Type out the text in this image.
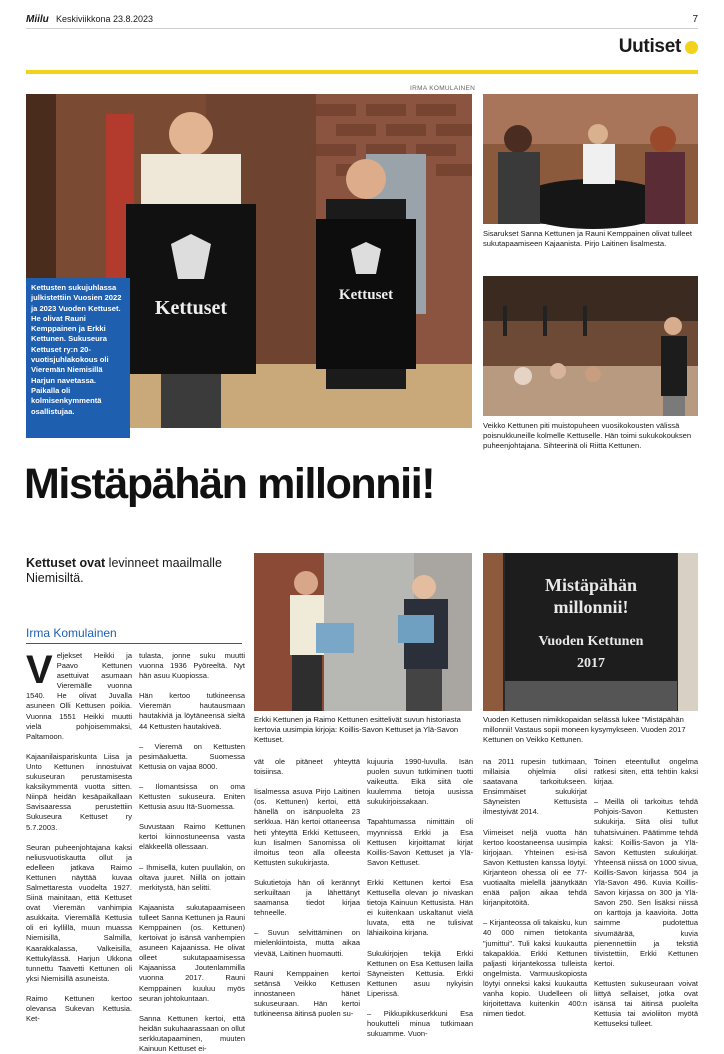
Miilu Keskiviikkona 23.8.2023	7
Uutiset
IRMA KOMULAINEN
Kettuset
Kettuset
Kettusten sukujuhlassa julkistettiin Vuosien 2022 ja 2023 Vuoden Kettuset. He olivat Rauni Kemppainen ja Erkki Kettunen. Sukuseura Kettuset ry:n 20-vuotisjuhlakokous oli Vieremän Niemisillä Harjun navetassa. Paikalla oli kolmisenkymmentä osallistujaa.
Sisarukset Sanna Kettunen ja Rauni Kemppainen olivat tulleet sukutapaamiseen Kajaanista. Pirjo Laitinen lisalmesta.
Veikko Kettunen piti muistopuheen vuosikokousten välissä poisnukkuneille kolmelle Kettuselle. Hän toimi sukukokouksen puheenjohtajana. Sihteerinä oli Riitta Kettunen.
Mistäpähän millonnii!
Kettuset ovat levinneet maailmalle Niemisiltä.
Irma Komulainen
Erkki Kettunen ja Raimo Kettunen esittelivät suvun historiasta kertovia uusimpia kirjoja: Koillis-Savon Kettuset ja Ylä-Savon Kettuset.
Mistäpähän
millonnii!
Vuoden Kettunen
2017
Vuoden Kettusen nimikkopaidan selässä lukee "Mistäpähän millonnii! Vastaus sopii moneen kysymykseen. Vuoden 2017 Kettunen on Veikko Kettunen.
V eljekset Heikki ja Paavo Kettunen asettuivat asumaan Vieremälle vuonna 1540. He olivat Juvalla asuneen Olli Kettusen poikia. Vuonna 1551 Heikki muutti vielä pohjoisemmaksi, Paltamoon.

Kajaanilaispariskunta Liisa ja Unto Kettunen innostuivat sukuseuran perustamisesta kaksikymmentä vuotta sitten. Niinpä heidän kesäpaikallaan Savisaaressa perustettiin Sukuseura Kettuset ry 5.7.2003.

Seuran puheenjohtajana kaksi neliusvuotiskautta ollut ja edelleen jatkava Raimo Kettunen näyttää kuvaa Salmettaresta vuodelta 1927. Siinä mainitaan, että Kettuset ovat Vieremän vanhimpia asukkaita. Vieremällä Kettusia oli eri kyllillä, muun muassa Niemisillä, Salmilla, Kaarakkalassa, Valkeisilla, Kettukylässä. Harjun Ukkona tunnettu Taavetti Kettunen oli yksi Niemisillä asuneista.

Raimo Kettunen kertoo olevansa Sukevan Kettusia. Ket-

tulasta, jonne suku muutti vuonna 1936 Pyöreeltä. Nyt hän asuu Kuopiossa.

Hän kertoo tutkineensa Vieremän hautausmaan hautakiviä ja löytäneensä sieltä 44 Kettusten hautakiveä.

– Vieremä on Kettusten pesimäaluetta. Suomessa Kettusia on vajaa 8000.

– Ilomantsissa on oma Kettusten sukuseura. Eniten Kettusia asuu Itä-Suomessa.

Suvustaan Raimo Kettunen kertoi kiinnostuneensa vasta eläkkeellä ollessaan.

– Ihmisellä, kuten puullakin, on oltava juuret. Niillä on jottain merkitystä, hän selitti.

Kajaanista sukutapaamiseen tulleet Sanna Kettunen ja Rauni Kemppainen (os. Kettunen) kertoivat jo isänsä vanhempien asuneen Kajaanissa. He olivat olleet sukutapaamisessa Kajaanissa Joutenlammilla vuonna 2017. Rauni Kemppainen kuuluu myös seuran johtokuntaan.

Sanna Kettunen kertoi, että heidän sukuhaarassaan on ollut serkkutapaaminen, muuten Kainuun Kettuset ei-

vät ole pitäneet yhteyttä toisiinsa.

Iisalmessa asuva Pirjo Laitinen (os. Kettunen) kertoi, että hänellä on isänpuolelta 23 serkkua. Hän kertoi ottaneensa heti yhteyttä Erkki Kettuseen, kun Iisalmen Sanomissa oli ilmoitus teon alla olleesta Kettusten sukukirjasta.

Sukutietoja hän oli kerännyt serkuiltaan ja lähettänyt saamansa tiedot kirjaa tehneelle.

– Suvun selvittäminen on mielenkiintoista, mutta aikaa vievää, Laitinen huomautti.

Rauni Kemppainen kertoi setänsä Veikko Kettusen innostaneen hänet sukuseuraan. Hän kertoi tutkineensa äitinsä puolen su-

kujuuria 1990-luvulla. Isän puolen suvun tutkiminen tuotti vaikeutta. Eikä siitä ole kuulemma tietoja uusissa sukukirjoissakaan.

Tapahtumassa nimittäin oli myynnissä Erkki ja Esa Kettusen kirjoittamat kirjat Koillis-Savon Kettuset ja Ylä-Savon Kettuset.

Erkki Kettunen kertoi Esa Kettusella olevan jo nivaskan tietoja Kainuun Kettusista. Hän ei kuitenkaan uskaltanut vielä luvata, että ne tulisivat lähiaikoina kirjana.

Sukukirjojen tekijä Erkki Kettunen on Esa Kettusen lailla Säyneisten Kettusia. Erkki Kettunen asuu nykyisin Liperissä.

– Pikkupikkuserkkuni Esa houkutteli minua tutkimaan sukuamme. Vuon-

na 2011 rupesin tutkimaan, millaisia ohjelmia olisi saatavana tarkoitukseen. Ensimmäiset sukukirjat Säyneisten Kettusista ilmestyivät 2014.

Viimeiset neljä vuotta hän kertoo koostaneensa uusimpia kirjojaan. Yhteinen esi-isä Savon Kettusten kanssa löytyi. Kirjanteon ohessa oli ee 77-vuotiaalta mielellä jäänytkään enää paljon aikaa tehdä kirjanpitotöitä.

– Kirjanteossa oli takaisku, kun 40 000 nimen tietokanta "jumittui". Tuli kaksi kuukautta takapakkia. Erkki Kettunen paljasti kirjantekossa tulleista ongelmista. Varmuuskopiosta löytyi onneksi kaksi kuukautta vanha kopio. Uudelleen oli kirjoitettava kuitenkin 400:n nimen tiedot.

Toinen eteentullut ongelma ratkesi siten, että tehtiin kaksi kirjaa.

– Meillä oli tarkoitus tehdä Pohjois-Savon Kettusten sukukirja. Siitä olisi tullut tuhatsivuinen. Päätimme tehdä kaksi: Koillis-Savon ja Ylä-Savon Kettusten sukukirjat. Yhteensä niissä on 1000 sivua, Koillis-Savon kirjassa 504 ja Ylä-Savon 496. Kuvia Koillis-Savon kirjassa on 300 ja Ylä-Savon 250. Sen lisäksi niissä on karttoja ja kaavioita. Jotta saimme pudotettua sivumäärää, kuvia pienennettiin ja tekstiä tiivistettiin, Erkki Kettunen kertoi.

Kettusten sukuseuraan voivat liittyä sellaiset, jotka ovat isänsä tai äitinsä puolelta Kettusia tai avioliiton myötä Kettuseksi tulleet.
